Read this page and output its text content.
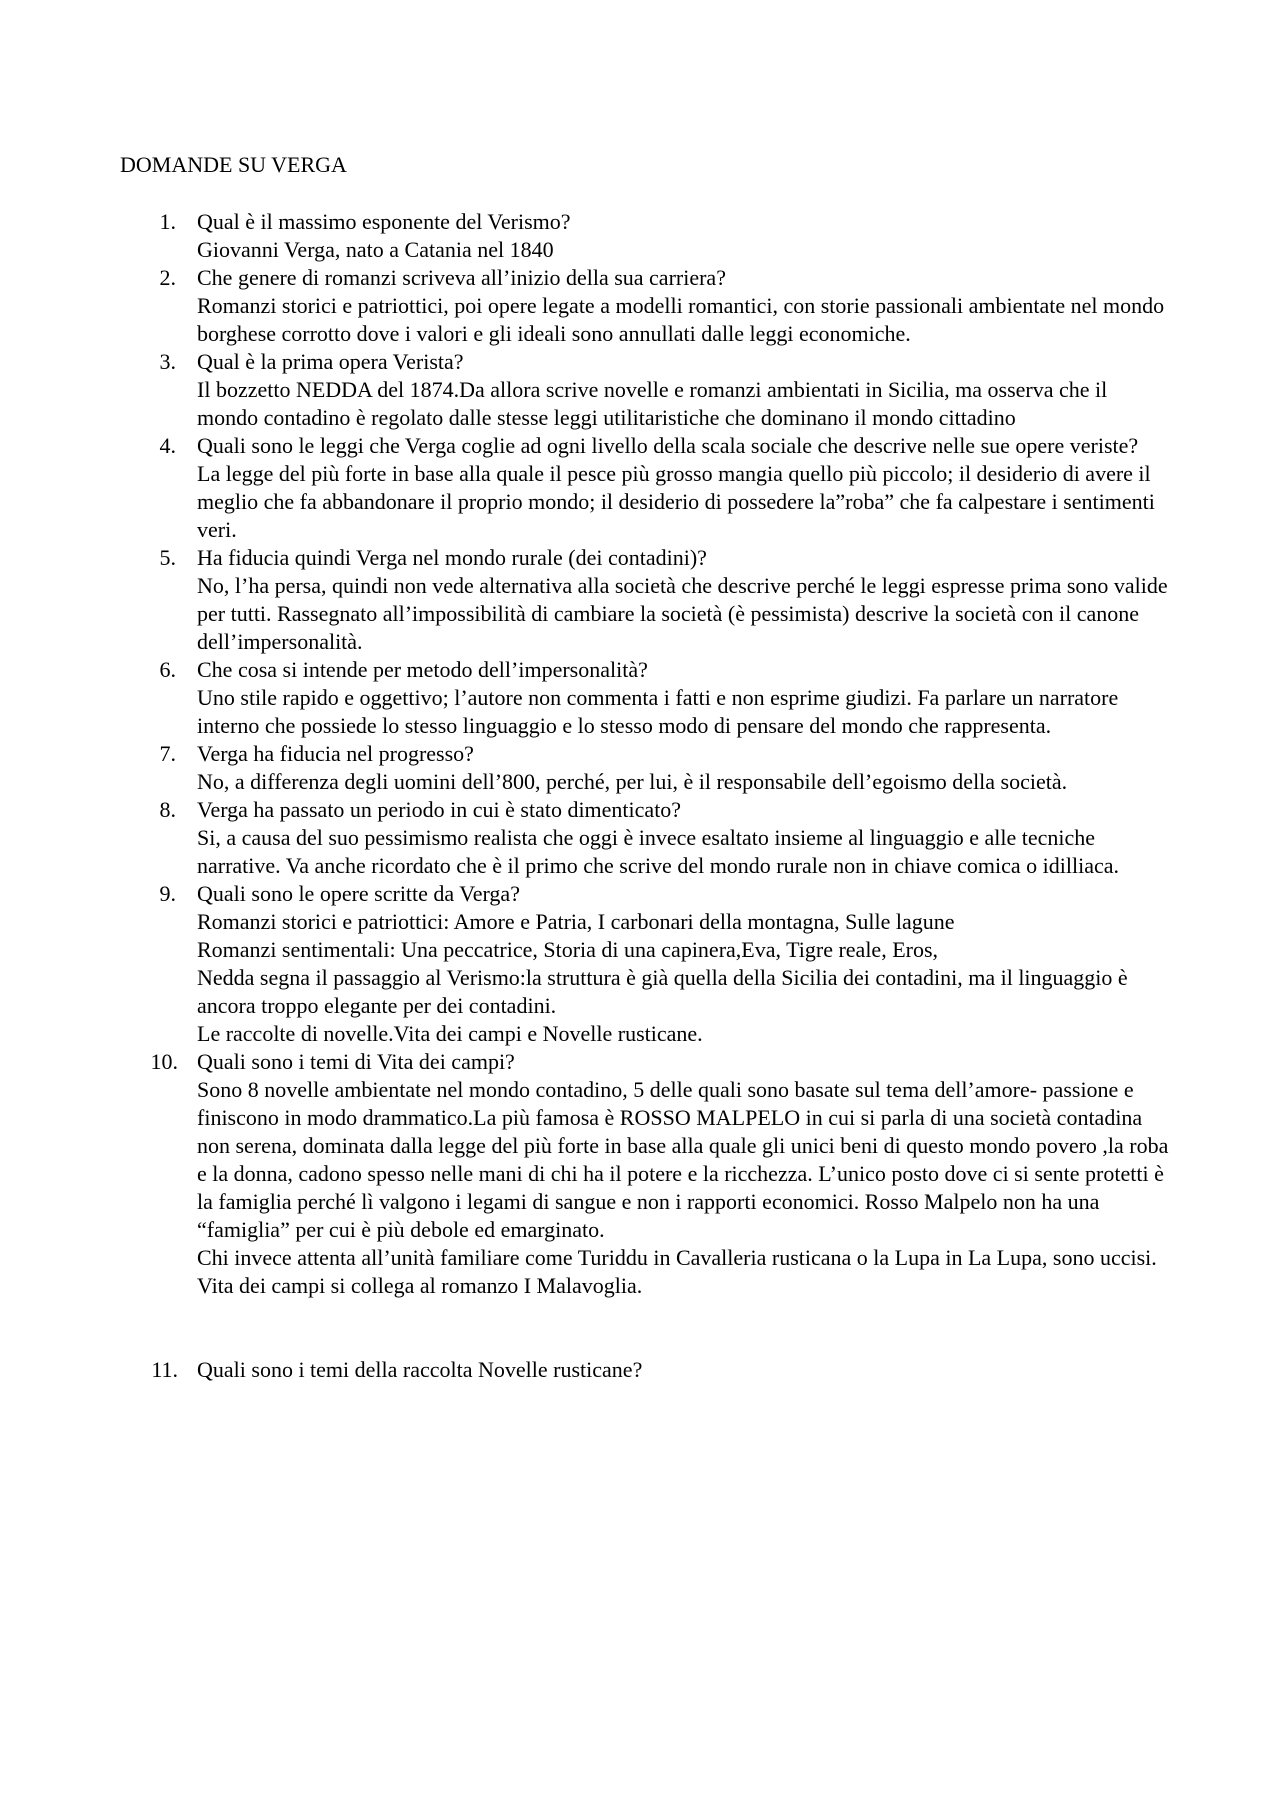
DOMANDE SU VERGA
1. Qual è il massimo esponente del Verismo?
Giovanni Verga, nato a Catania nel 1840
2. Che genere di romanzi scriveva all’inizio della sua carriera?
Romanzi storici e patriottici, poi opere legate a modelli romantici, con storie passionali ambientate nel mondo borghese corrotto dove i valori e gli ideali sono annullati dalle leggi economiche.
3. Qual è la prima opera Verista?
Il bozzetto NEDDA del 1874.Da allora scrive novelle e romanzi ambientati in Sicilia, ma osserva che il mondo contadino è regolato dalle stesse leggi utilitaristiche che dominano il mondo cittadino
4. Quali sono le leggi che Verga coglie ad ogni livello della scala sociale che descrive nelle sue opere veriste?
La legge del più forte in base alla quale il pesce più grosso mangia quello più piccolo; il desiderio di avere il meglio che fa abbandonare il proprio mondo; il desiderio di possedere la”roba” che fa calpestare i sentimenti veri.
5. Ha fiducia quindi Verga nel mondo rurale (dei contadini)?
No, l’ha persa, quindi non vede alternativa alla società che descrive perché le leggi espresse prima sono valide per tutti. Rassegnato all’impossibilità di cambiare la società (è pessimista) descrive la società con il canone dell’impersonalità.
6. Che cosa si intende per metodo dell’impersonalità?
Uno stile rapido e oggettivo; l’autore non commenta i fatti e non esprime giudizi. Fa parlare un narratore interno che possiede lo stesso linguaggio e lo stesso modo di pensare del mondo che rappresenta.
7. Verga ha fiducia nel progresso?
No, a differenza degli uomini dell’800, perché, per lui, è il responsabile dell’egoismo della società.
8. Verga ha passato un periodo in cui è stato dimenticato?
Si, a causa del suo pessimismo realista che oggi è invece esaltato insieme al linguaggio e alle tecniche narrative. Va anche ricordato che è il primo che scrive del mondo rurale non in chiave comica o idilliaca.
9. Quali sono le opere scritte da Verga?
Romanzi storici e patriottici: Amore e Patria, I carbonari della montagna, Sulle lagune
Romanzi sentimentali: Una peccatrice, Storia di una capinera,Eva, Tigre reale, Eros,
Nedda segna il passaggio al Verismo:la struttura è già quella della Sicilia dei contadini, ma il linguaggio è ancora troppo elegante per dei contadini.
Le raccolte di novelle.Vita dei campi e Novelle rusticane.
10. Quali sono i temi di Vita dei campi?
Sono 8 novelle ambientate nel mondo contadino, 5 delle quali sono basate sul tema dell’amore- passione e finiscono in modo drammatico.La più famosa è ROSSO MALPELO in cui si parla di una società contadina non serena, dominata dalla legge del più forte in base alla quale gli unici beni di questo mondo povero ,la roba e la donna, cadono spesso nelle mani di chi ha il potere e la ricchezza. L’unico posto dove ci si sente protetti è la famiglia perché lì valgono i legami di sangue e non i rapporti economici. Rosso Malpelo non ha una “famiglia” per cui è più debole ed emarginato.
Chi invece attenta all’unità familiare come Turiddu in Cavalleria rusticana o la Lupa in La Lupa, sono uccisi.
Vita dei campi si collega al romanzo I Malavoglia.
11. Quali sono i temi della raccolta Novelle rusticane?
